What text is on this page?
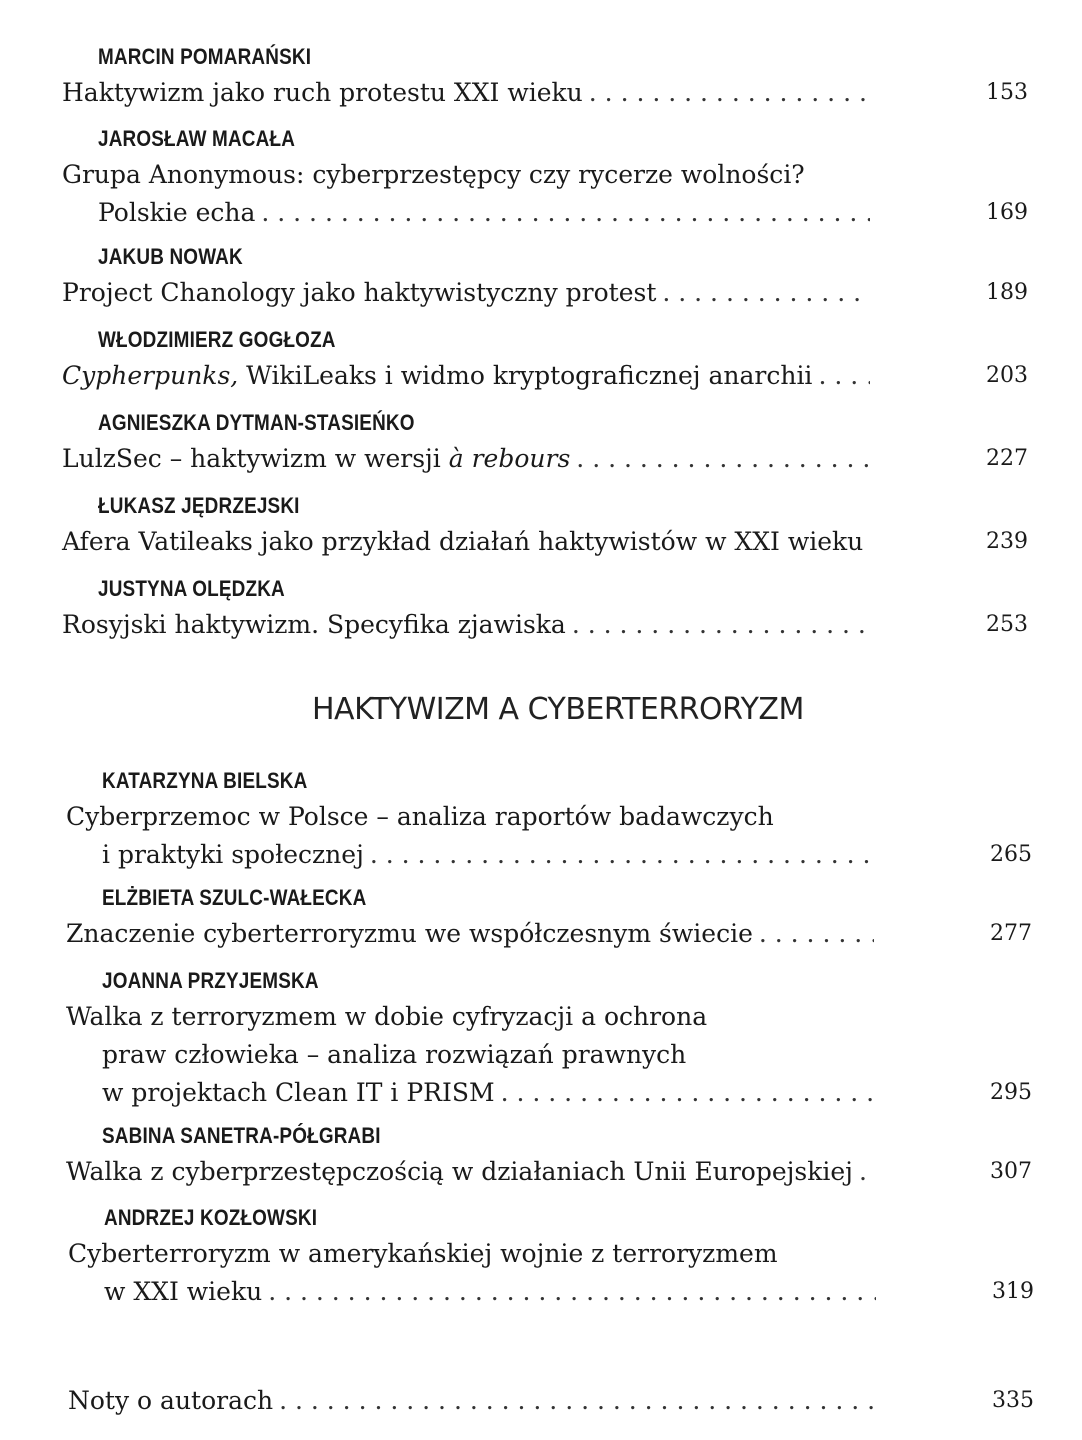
MARCIN POMARAŃSKI
Haktywizm jako ruch protestu XXI wieku . . .	153
JAROSŁAW MACAŁA
Grupa Anonymous: cyberprzestępcy czy rycerze wolności?
Polskie echa . . .	169
JAKUB NOWAK
Project Chanology jako haktywistyczny protest . . .	189
WŁODZIMIERZ GOGŁOZA
Cypherpunks, WikiLeaks i widmo kryptograficznej anarchii . . .	203
AGNIESZKA DYTMAN-STASIEŃKO
LulzSec – haktywizm w wersji à rebours . . .	227
ŁUKASZ JĘDRZEJSKI
Afera Vatileaks jako przykład działań haktywistów w XXI wieku . . .	239
JUSTYNA OLĘDZKA
Rosyjski haktywizm. Specyfika zjawiska . . .	253
HAKTYWIZM A CYBERTERRORYZM
KATARZYNA BIELSKA
Cyberprzemoc w Polsce – analiza raportów badawczych
i praktyki społecznej . . .	265
ELŻBIETA SZULC-WAŁECKA
Znaczenie cyberterroryzmu we współczesnym świecie . . .	277
JOANNA PRZYJEMSKA
Walka z terroryzmem w dobie cyfryzacji a ochrona
praw człowieka – analiza rozwiązań prawnych
w projektach Clean IT i PRISM . . .	295
SABINA SANETRA-PÓŁGRABI
Walka z cyberprzestępczością w działaniach Unii Europejskiej . . .	307
ANDRZEJ KOZŁOWSKI
Cyberterroryzm w amerykańskiej wojnie z terroryzmem
w XXI wieku . . .	319
Noty o autorach . . .	335
